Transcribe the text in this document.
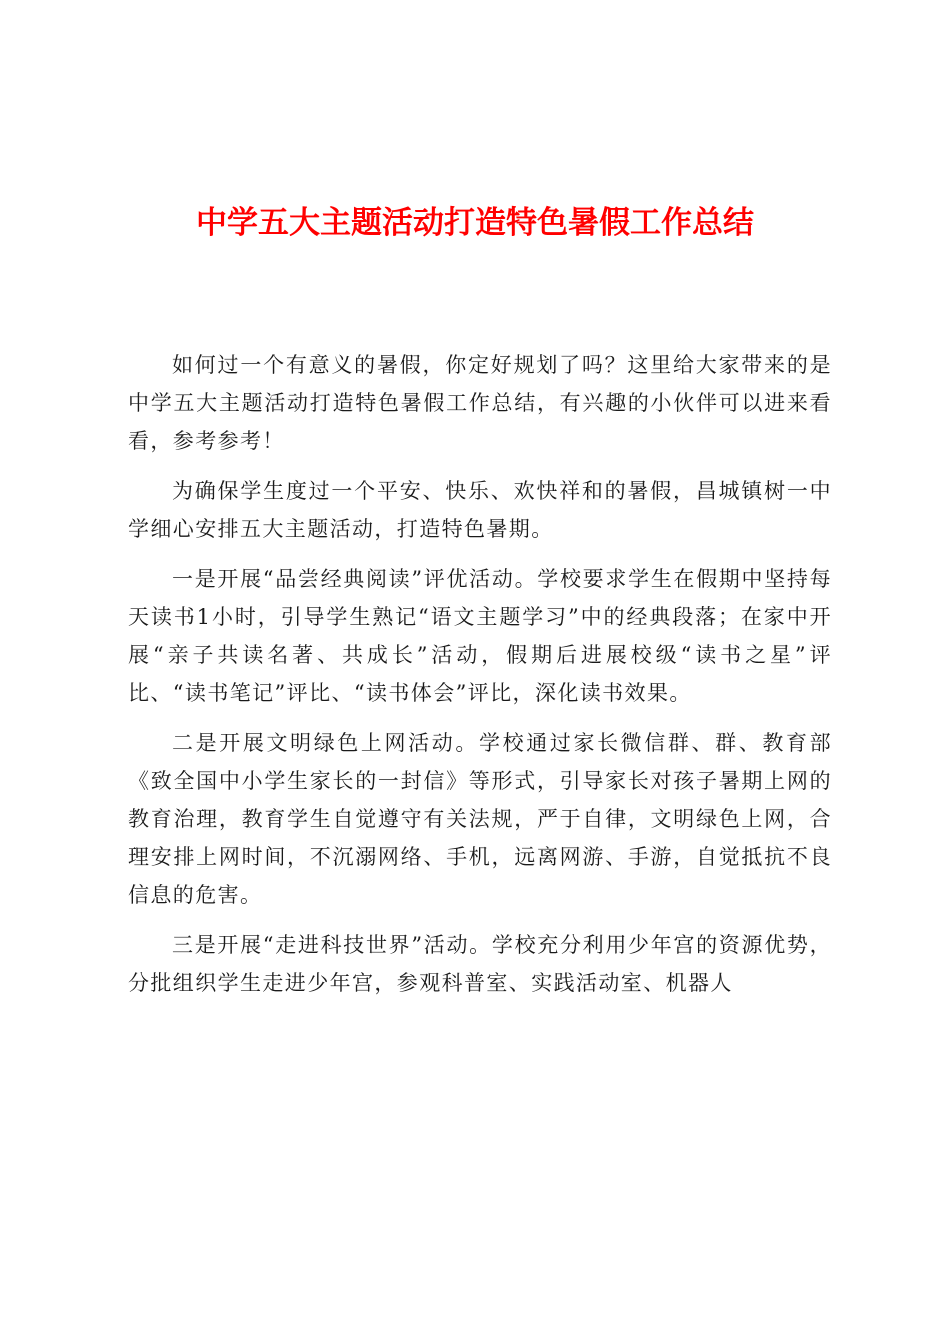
中学五大主题活动打造特色暑假工作总结

如何过一个有意义的暑假，你定好规划了吗？这里给大家带来的是中学五大主题活动打造特色暑假工作总结，有兴趣的小伙伴可以进来看看，参考参考！

为确保学生度过一个平安、快乐、欢快祥和的暑假，昌城镇树一中学细心安排五大主题活动，打造特色暑期。

一是开展“品尝经典阅读”评优活动。学校要求学生在假期中坚持每天读书1小时，引导学生熟记“语文主题学习”中的经典段落；在家中开展“亲子共读名著、共成长”活动，假期后进展校级“读书之星”评比、“读书笔记”评比、“读书体会”评比，深化读书效果。

二是开展文明绿色上网活动。学校通过家长微信群、群、教育部《致全国中小学生家长的一封信》等形式，引导家长对孩子暑期上网的教育治理，教育学生自觉遵守有关法规，严于自律，文明绿色上网，合理安排上网时间，不沉溺网络、手机，远离网游、手游，自觉抵抗不良信息的危害。

三是开展“走进科技世界”活动。学校充分利用少年宫的资源优势，分批组织学生走进少年宫，参观科普室、实践活动室、机器人
